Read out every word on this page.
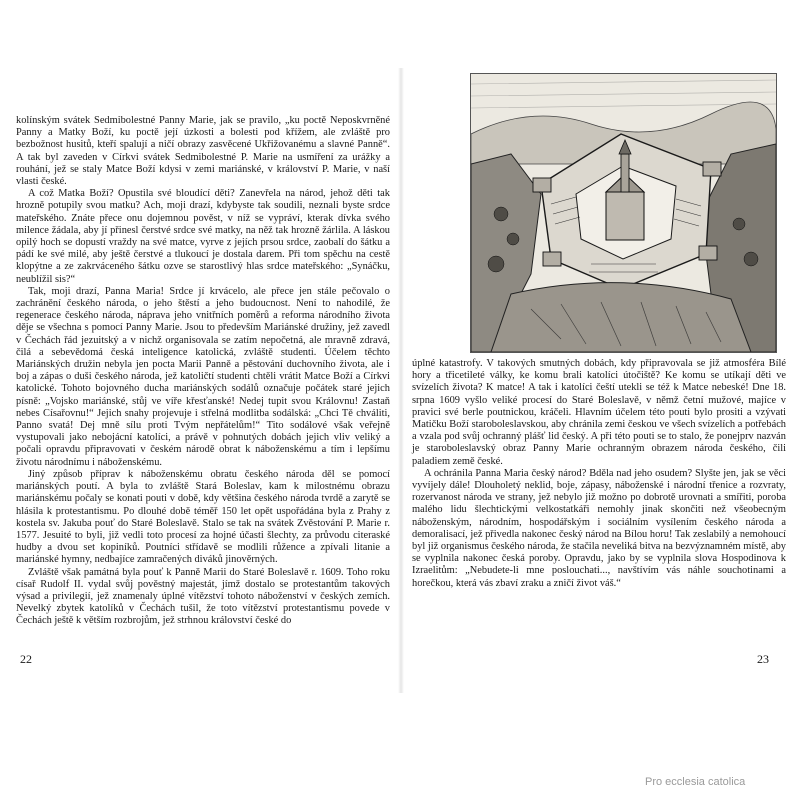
kolínským svátek Sedmibolestné Panny Marie, jak se pravilo, „ku poctě Neposkvrněné Panny a Matky Boží, ku poctě její úzkosti a bolesti pod křížem, ale zvláště pro bezbožnost husitů, kteří spalují a ničí obrazy zasvěcené Ukřižovanému a slavné Panně“. A tak byl zaveden v Církvi svátek Sedmibolestné P. Marie na usmíření za urážky a rouhání, jež se staly Matce Boží kdysi v zemi mariánské, v království P. Marie, v naší vlasti české.

A což Matka Boží? Opustila své bloudící děti? Zanevřela na národ, jehož děti tak hrozně potupily svou matku? Ach, moji drazí, kdybyste tak soudili, neznali byste srdce mateřského. Znáte přece onu dojemnou pověst, v níž se vypráví, kterak dívka svého milence žádala, aby jí přinesl čerstvé srdce své matky, na něž tak hrozně žárlila. A láskou opilý hoch se dopustí vraždy na své matce, vyrve z jejích prsou srdce, zaobalí do šátku a pádí ke své milé, aby ještě čerstvé a tlukoucí je dostala darem. Při tom spěchu na cestě klopýtne a ze zakrváceného šátku ozve se starostlivý hlas srdce mateřského: „Synáčku, neublížil sis?“

Tak, moji drazí, Panna Maria! Srdce jí krvácelo, ale přece jen stále pečovalo o zachránění českého národa, o jeho štěstí a jeho budoucnost. Není to nahodilé, že regenerace českého národa, náprava jeho vnitřních poměrů a reforma národního života děje se všechna s pomocí Panny Marie. Jsou to především Mariánské družiny, jež zavedl v Čechách řád jezuitský a v nichž organisovala se zatím nepočetná, ale mravně zdravá, čilá a sebevědomá česká inteligence katolická, zvláště studenti. Účelem těchto Mariánských družin nebyla jen pocta Marii Panně a pěstování duchovního života, ale i boj a zápas o duši českého národa, jež katoličtí studenti chtěli vrátit Matce Boží a Církvi katolické. Tohoto bojovného ducha mariánských sodálů označuje počátek staré jejich písně: „Vojsko mariánské, stůj ve víře křesťanské! Nedej tupit svou Královnu! Zastaň nebes Císařovnu!“ Jejich snahy projevuje i střelná modlitba sodálská: „Chci Tě chváliti, Panno svatá! Dej mně sílu proti Tvým nepřátelům!“ Tito sodálové však veřejně vystupovali jako nebojácní katolíci, a právě v pohnutých dobách jejich vliv veliký a počali opravdu připravovati v českém národě obrat k náboženskému a tím i lepšímu životu národnímu i náboženskému.

Jiný způsob příprav k náboženskému obratu českého národa děl se pomocí mariánských poutí. A byla to zvláště Stará Boleslav, kam k milostnému obrazu mariánskému počaly se konati pouti v době, kdy většina českého národa tvrdě a zarytě se hlásila k protestantismu. Po dlouhé době téměř 150 let opět uspořádána byla z Prahy z kostela sv. Jakuba pouť do Staré Boleslavě. Stalo se tak na svátek Zvěstování P. Marie r. 1577. Jesuité to byli, již vedli toto procesí za hojné účasti šlechty, za průvodu citeraské hudby a dvou set kopiníků. Poutníci střídavě se modlili růžence a zpívali litanie a mariánské hymny, nedbajíce zamračených diváků jinověrných.

Zvláště však památná byla pouť k Panně Marii do Staré Boleslavě r. 1609. Toho roku císař Rudolf II. vydal svůj pověstný majestát, jímž dostalo se protestantům takových výsad a privilegií, jež znamenaly úplné vítězství tohoto náboženství v českých zemích. Nevelký zbytek katolíků v Čechách tušil, že toto vítězství protestantismu povede v Čechách ještě k větším rozbrojům, jež strhnou království české do

úplné katastrofy. V takových smutných dobách, kdy připravovala se již atmosféra Bílé hory a třicetileté války, ke komu brali katolíci útočiště? Ke komu se utíkají děti ve svízelích života? K matce! A tak i katolíci čeští utekli se též k Matce nebeské! Dne 18. srpna 1609 vyšlo veliké procesí do Staré Boleslavě, v němž četní mužové, majíce v pravici své berle poutnickou, kráčeli. Hlavním účelem této pouti bylo prositi a vzývati Matičku Boží staroboleslavskou, aby chránila zemi českou ve všech svízelích a potřebách a vzala pod svůj ochranný plášť lid český. A při této pouti se to stalo, že ponejprv nazván je staroboleslavský obraz Panny Marie ochranným obrazem národa českého, čili paladiem země české.

A ochránila Panna Maria český národ? Bděla nad jeho osudem? Slyšte jen, jak se věci vyvíjely dále! Dlouholetý neklid, boje, zápasy, náboženské i národní třenice a rozvraty, rozervanost národa ve strany, jež nebylo již možno po dobrotě urovnati a smířiti, poroba malého lidu šlechtickými velkostatkáři nemohly jinak skončiti než všeobecným náboženským, národním, hospodářským i sociálním vysílením českého národa a demoralisací, jež přivedla nakonec český národ na Bílou horu! Tak zeslabilý a nemohoucí byl již organismus českého národa, že stačila neveliká bitva na bezvýznamném místě, aby se vyplnila nakonec česká poroby. Opravdu, jako by se vyplnila slova Hospodinova k Izraelitům: „Nebudete-li mne poslouchati..., navštívím vás náhle souchotinami a horečkou, která vás zbaví zraku a zničí život váš.“

22	23
Pro ecclesia catolica
